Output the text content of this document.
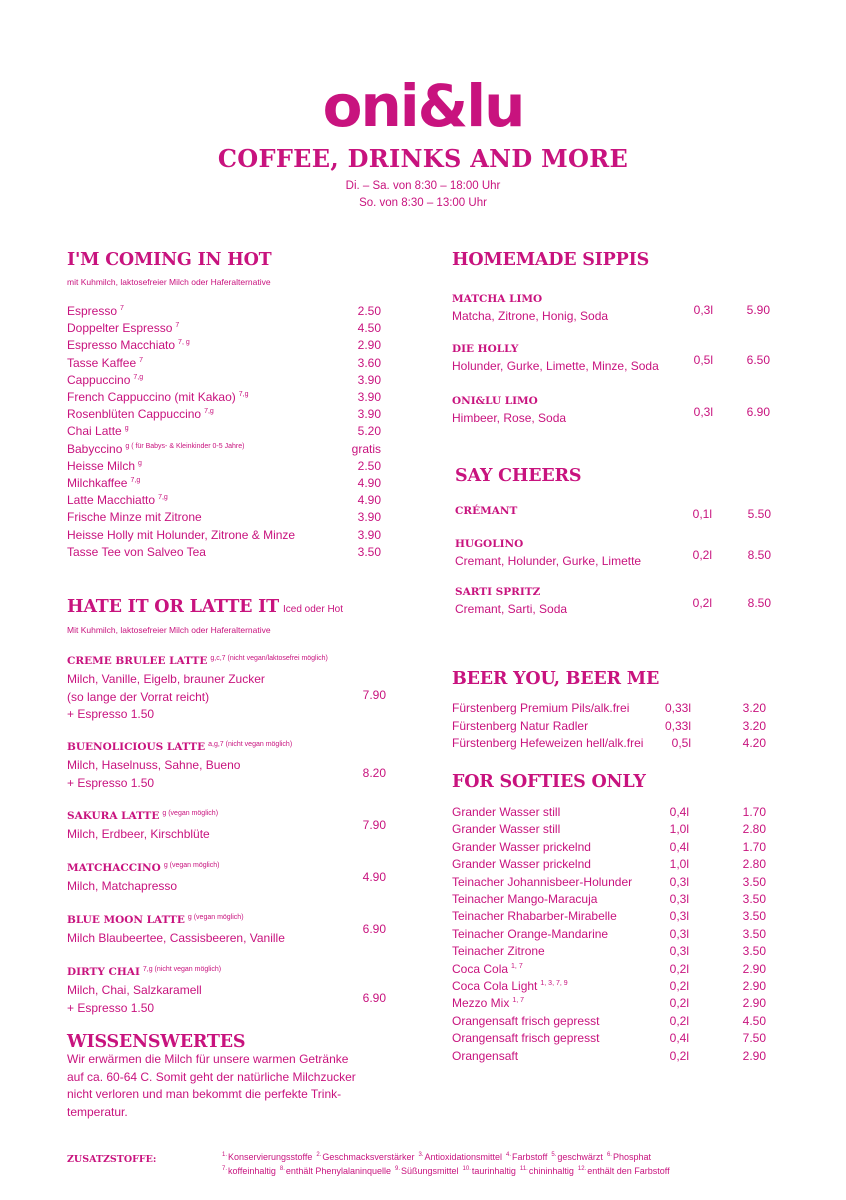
oni&lu
COFFEE, DRINKS AND MORE
Di. – Sa. von 8:30 – 18:00 Uhr
So. von 8:30 – 13:00 Uhr
I'M COMING IN HOT
mit Kuhmilch, laktosefreier Milch oder Haferalternative
Espresso $^7$	2.50
Doppelter Espresso $^7$	4.50
Espresso Macchiato $^{7, g}$	2.90
Tasse Kaffee $^7$	3.60
Cappuccino $^{7,g}$	3.90
French Cappuccino (mit Kakao) $^{7,g}$	3.90
Rosenblüten Cappuccino $^{7,g}$	3.90
Chai Latte $^g$	5.20
Babyccino $^{g ( für Babys- \& Kleinkinder 0-5 Jahre)}$	gratis
Heisse Milch $^g$	2.50
Milchkaffee $^{7,g}$	4.90
Latte Macchiatto $^{7,g}$	4.90
Frische Minze mit Zitrone	3.90
Heisse Holly mit Holunder, Zitrone & Minze	3.90
Tasse Tee von Salveo Tea	3.50
HATE IT OR LATTE IT Iced oder Hot
Mit Kuhmilch, laktosefreier Milch oder Haferalternative
CREME BRULEE LATTE $^{g,c,7 (nicht vegan/laktosefrei möglich)}$
Milch, Vanille, Eigelb, brauner Zucker
(so lange der Vorrat reicht)
+ Espresso 1.50
7.90
BUENOLICIOUS LATTE $^{a,g,7 (nicht vegan möglich)}$
Milch, Haselnuss, Sahne, Bueno
+ Espresso 1.50
8.20
SAKURA LATTE $^{g (vegan möglich)}$
Milch, Erdbeer, Kirschblüte
7.90
MATCHACCINO $^{g (vegan möglich)}$
Milch, Matchapresso
4.90
BLUE MOON LATTE $^{g (vegan möglich)}$
Milch Blaubeertee, Cassisbeeren, Vanille
6.90
DIRTY CHAI $^{7,g (nicht vegan möglich)}$
Milch, Chai, Salzkaramell
+ Espresso 1.50
6.90
WISSENSWERTES
Wir erwärmen die Milch für unsere warmen Getränke
auf ca. 60-64 C. Somit geht der natürliche Milchzucker
nicht verloren und man bekommt die perfekte Trink-
temperatur.
HOMEMADE SIPPIS
MATCHA LIMO
Matcha, Zitrone, Honig, Soda	0,3l	5.90
DIE HOLLY
Holunder, Gurke, Limette, Minze, Soda	0,5l	6.50
ONI&LU LIMO
Himbeer, Rose, Soda	0,3l	6.90
SAY CHEERS
CRÉMANT	0,1l	5.50
HUGOLINO
Cremant, Holunder, Gurke, Limette	0,2l	8.50
SARTI SPRITZ
Cremant, Sarti, Soda	0,2l	8.50
BEER YOU, BEER ME
Fürstenberg Premium Pils/alk.frei	0,33l	3.20
Fürstenberg Natur Radler	0,33l	3.20
Fürstenberg Hefeweizen hell/alk.frei 0,5l	4.20
FOR SOFTIES ONLY
Grander Wasser still	0,4l	1.70
Grander Wasser still	1,0l	2.80
Grander Wasser prickelnd	0,4l	1.70
Grander Wasser prickelnd	1,0l	2.80
Teinacher Johannisbeer-Holunder	0,3l	3.50
Teinacher Mango-Maracuja	0,3l	3.50
Teinacher Rhabarber-Mirabelle	0,3l	3.50
Teinacher Orange-Mandarine	0,3l	3.50
Teinacher Zitrone	0,3l	3.50
Coca Cola $^{1, 7}$	0,2l	2.90
Coca Cola Light $^{1, 3, 7, 9}$	0,2l	2.90
Mezzo Mix $^{1, 7}$	0,2l	2.90
Orangensaft frisch gepresst	0,2l	4.50
Orangensaft frisch gepresst	0,4l	7.50
Orangensaft	0,2l	2.90
ZUSATZSTOFFE:	$^{1.}$Konservierungsstoffe $^{2.}$Geschmacksverstärker $^{3.}$Antioxidationsmittel $^{4.}$Farbstoff $^{5.}$geschwärzt $^{6.}$Phosphat
$^{7.}$koffeinhaltig $^{8.}$enthält Phenylalaninquelle $^{9.}$Süßungsmittel $^{10.}$taurinhaltig $^{11.}$chininhaltig $^{12.}$enthält den Farbstoff
